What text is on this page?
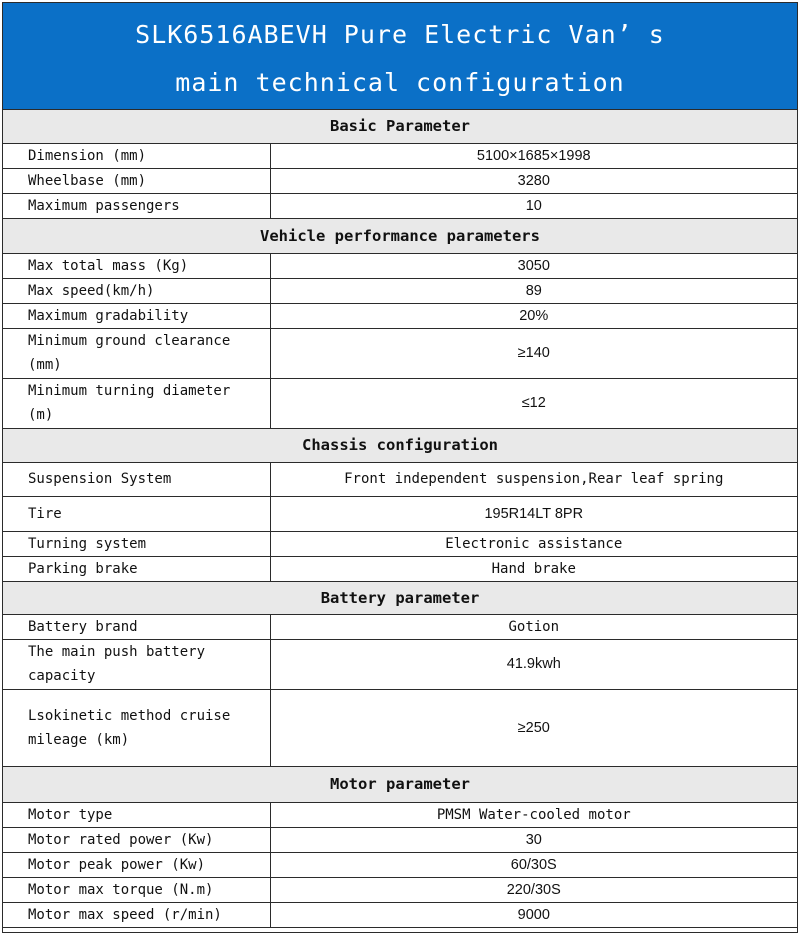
SLK6516ABEVH Pure Electric Van’ s
main technical configuration
Basic Parameter	
Dimension (mm)	5100×1685×1998
Wheelbase (mm)	3280
Maximum passengers	10
Vehicle performance parameters	
Max total mass (Kg)	3050
Max speed(km/h)	89
Maximum gradability	20%
Minimum ground clearance (mm)	≥140
Minimum turning diameter (m)	≤12
Chassis configuration	
Suspension System	Front independent suspension,Rear leaf spring
Tire	195R14LT 8PR
Turning system	Electronic assistance
Parking brake	Hand brake
Battery parameter	
Battery brand	Gotion
The main push battery capacity	41.9kwh
Lsokinetic method cruise mileage (km)	≥250
Motor parameter	
Motor type	PMSM Water-cooled motor
Motor rated power (Kw)	30
Motor peak power (Kw)	60/30S
Motor max torque (N.m)	220/30S
Motor max speed (r/min)	9000
